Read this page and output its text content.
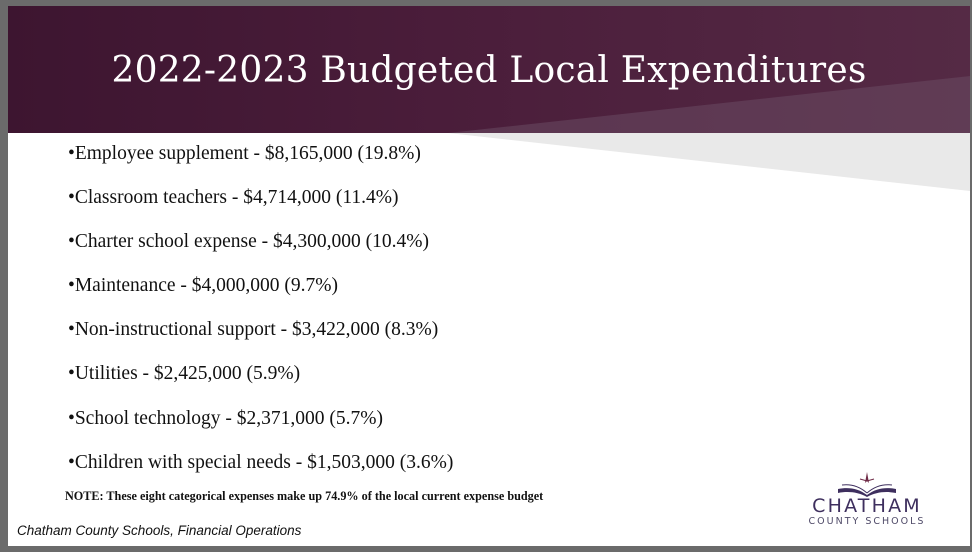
2022-2023 Budgeted Local Expenditures
•Employee supplement - $8,165,000 (19.8%)
•Classroom teachers - $4,714,000 (11.4%)
•Charter school expense - $4,300,000 (10.4%)
•Maintenance - $4,000,000 (9.7%)
•Non-instructional support - $3,422,000 (8.3%)
•Utilities - $2,425,000 (5.9%)
•School technology - $2,371,000 (5.7%)
•Children with special needs - $1,503,000 (3.6%)
NOTE: These eight categorical expenses make up 74.9% of the local current expense budget
Chatham County Schools, Financial Operations
CHATHAM
COUNTY SCHOOLS
